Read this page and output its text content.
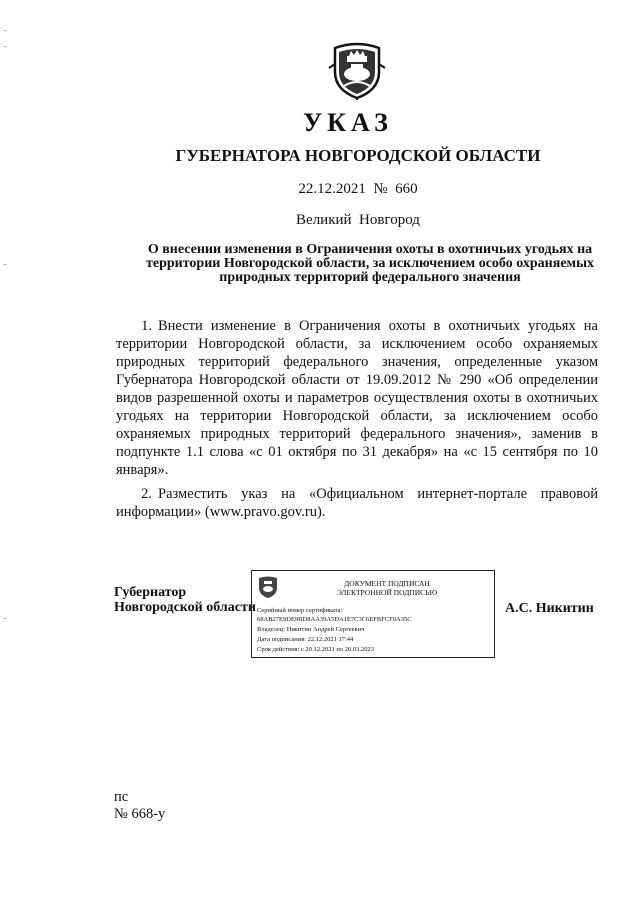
УКАЗ
ГУБЕРНАТОРА НОВГОРОДСКОЙ ОБЛАСТИ
22.12.2021 № 660
Великий  Новгород
О внесении изменения в Ограничения охоты в охотничьих угодьях на
территории Новгородской области, за исключением особо охраняемых
природных территорий федерального значения

1. Внести изменение в Ограничения охоты в охотничьих угодьях на территории Новгородской области, за исключением особо охраняемых природных территорий федерального значения, определенные указом Губернатора Новгородской области от 19.09.2012 № 290 «Об определении видов разрешенной охоты и параметров осуществления охоты в охотничьих угодьях на территории Новгородской области, за исключением особо охраняемых природных территорий федерального значения», заменив в подпункте 1.1 слова «с 01 октября по 31 декабря» на «с 15 сентября по 10 января».

2. Разместить указ на «Официальном интернет-портале правовой информации» (www.pravo.gov.ru).

Губернатор
Новгородской области
ДОКУМЕНТ ПОДПИСАН
ЭЛЕКТРОННОЙ ПОДПИСЬЮ
Серийный номер сертификата:
68AB27E9DE9BD8AA39A5DA1E7C3C6EFBFCF0A35C
Владелец: Никитин Андрей Сергеевич
Дата подписания: 22.12.2021 17:44
Срок действия: с 20.12.2021 по 20.03.2023
А.С. Никитин
пс
№ 668-у
